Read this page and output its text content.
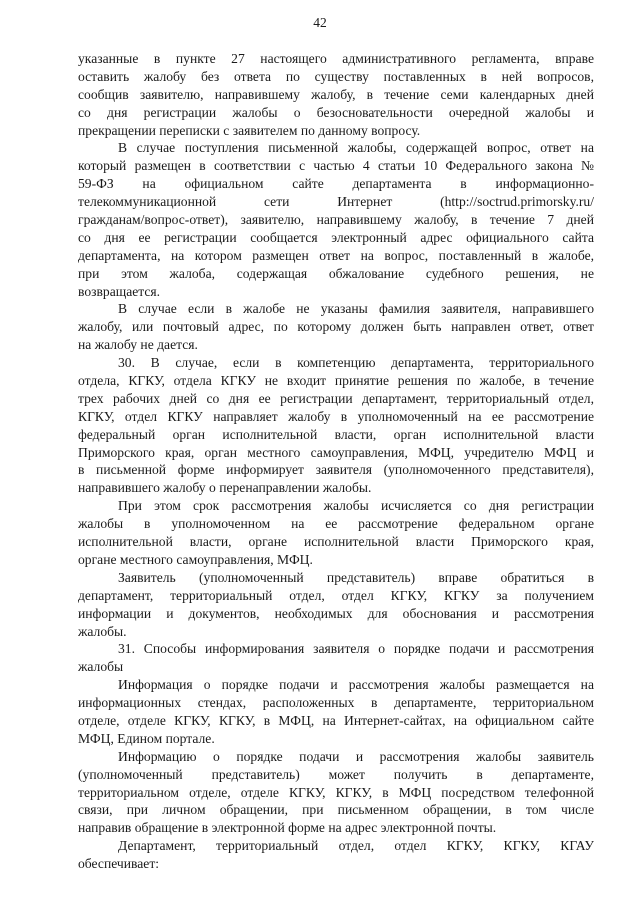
42
указанные в пункте 27 настоящего административного регламента, вправе
оставить жалобу без ответа по существу поставленных в ней вопросов,
сообщив заявителю, направившему жалобу, в течение семи календарных дней
со дня регистрации жалобы о безосновательности очередной жалобы и
прекращении переписки с заявителем по данному вопросу.
В случае поступления письменной жалобы, содержащей вопрос, ответ на
который размещен в соответствии с частью 4 статьи 10 Федерального закона №
59-ФЗ на официальном сайте департамента в информационно-
телекоммуникационной сети Интернет (http://soctrud.primorsky.ru/
гражданам/вопрос-ответ), заявителю, направившему жалобу, в течение 7 дней
со дня ее регистрации сообщается электронный адрес официального сайта
департамента, на котором размещен ответ на вопрос, поставленный в жалобе,
при этом жалоба, содержащая обжалование судебного решения, не
возвращается.
В случае если в жалобе не указаны фамилия заявителя, направившего
жалобу, или почтовый адрес, по которому должен быть направлен ответ, ответ
на жалобу не дается.
30. В случае, если в компетенцию департамента, территориального
отдела, КГКУ, отдела КГКУ не входит принятие решения по жалобе, в течение
трех рабочих дней со дня ее регистрации департамент, территориальный отдел,
КГКУ, отдел КГКУ направляет жалобу в уполномоченный на ее рассмотрение
федеральный орган исполнительной власти, орган исполнительной власти
Приморского края, орган местного самоуправления, МФЦ, учредителю МФЦ и
в письменной форме информирует заявителя (уполномоченного представителя),
направившего жалобу о перенаправлении жалобы.
При этом срок рассмотрения жалобы исчисляется со дня регистрации
жалобы в уполномоченном на ее рассмотрение федеральном органе
исполнительной власти, органе исполнительной власти Приморского края,
органе местного самоуправления, МФЦ.
Заявитель (уполномоченный представитель) вправе обратиться в
департамент, территориальный отдел, отдел КГКУ, КГКУ за получением
информации и документов, необходимых для обоснования и рассмотрения
жалобы.
31. Способы информирования заявителя о порядке подачи и рассмотрения
жалобы
Информация о порядке подачи и рассмотрения жалобы размещается на
информационных стендах, расположенных в департаменте, территориальном
отделе, отделе КГКУ, КГКУ, в МФЦ, на Интернет-сайтах, на официальном сайте
МФЦ, Едином портале.
Информацию о порядке подачи и рассмотрения жалобы заявитель
(уполномоченный представитель) может получить в департаменте,
территориальном отделе, отделе КГКУ, КГКУ, в МФЦ посредством телефонной
связи, при личном обращении, при письменном обращении, в том числе
направив обращение в электронной форме на адрес электронной почты.
Департамент, территориальный отдел, отдел КГКУ, КГКУ, КГАУ
обеспечивает:
